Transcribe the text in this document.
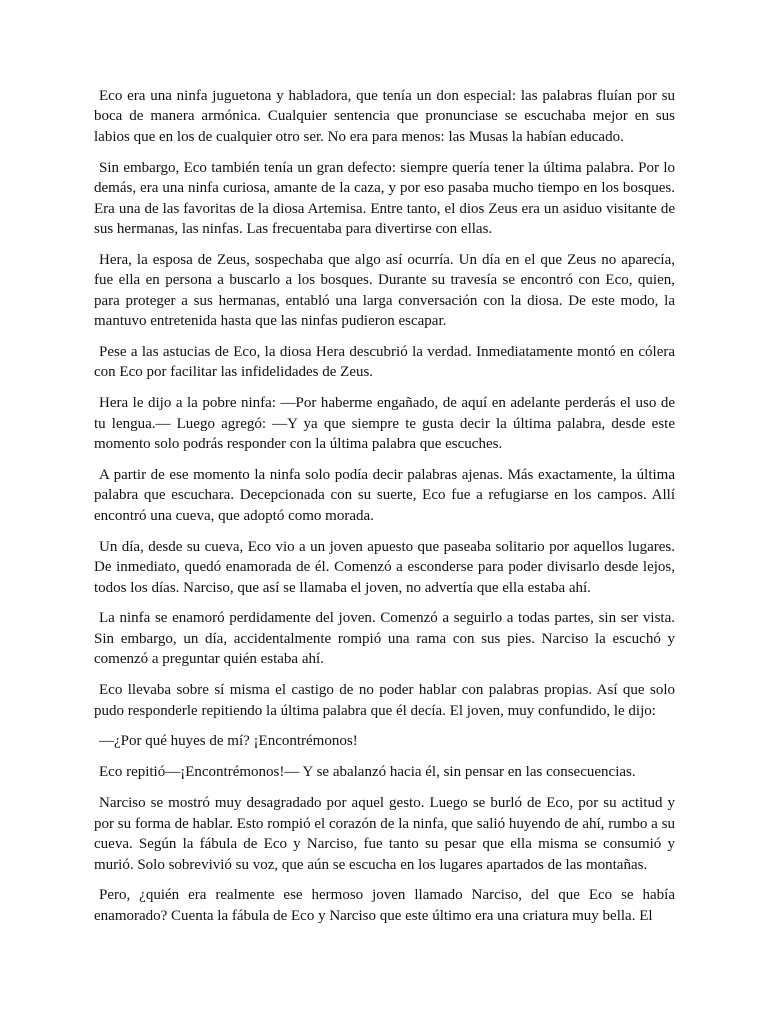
Eco era una ninfa juguetona y habladora, que tenía un don especial: las palabras fluían por su boca de manera armónica. Cualquier sentencia que pronunciase se escuchaba mejor en sus labios que en los de cualquier otro ser. No era para menos: las Musas la habían educado.

Sin embargo, Eco también tenía un gran defecto: siempre quería tener la última palabra. Por lo demás, era una ninfa curiosa, amante de la caza, y por eso pasaba mucho tiempo en los bosques. Era una de las favoritas de la diosa Artemisa. Entre tanto, el dios Zeus era un asiduo visitante de sus hermanas, las ninfas. Las frecuentaba para divertirse con ellas.

Hera, la esposa de Zeus, sospechaba que algo así ocurría. Un día en el que Zeus no aparecía, fue ella en persona a buscarlo a los bosques. Durante su travesía se encontró con Eco, quien, para proteger a sus hermanas, entabló una larga conversación con la diosa. De este modo, la mantuvo entretenida hasta que las ninfas pudieron escapar.

Pese a las astucias de Eco, la diosa Hera descubrió la verdad. Inmediatamente montó en cólera con Eco por facilitar las infidelidades de Zeus.

Hera le dijo a la pobre ninfa: —Por haberme engañado, de aquí en adelante perderás el uso de tu lengua.— Luego agregó: —Y ya que siempre te gusta decir la última palabra, desde este momento solo podrás responder con la última palabra que escuches.

A partir de ese momento la ninfa solo podía decir palabras ajenas. Más exactamente, la última palabra que escuchara. Decepcionada con su suerte, Eco fue a refugiarse en los campos. Allí encontró una cueva, que adoptó como morada.

Un día, desde su cueva, Eco vio a un joven apuesto que paseaba solitario por aquellos lugares. De inmediato, quedó enamorada de él. Comenzó a esconderse para poder divisarlo desde lejos, todos los días. Narciso, que así se llamaba el joven, no advertía que ella estaba ahí.

La ninfa se enamoró perdidamente del joven. Comenzó a seguirlo a todas partes, sin ser vista. Sin embargo, un día, accidentalmente rompió una rama con sus pies. Narciso la escuchó y comenzó a preguntar quién estaba ahí.

Eco llevaba sobre sí misma el castigo de no poder hablar con palabras propias. Así que solo pudo responderle repitiendo la última palabra que él decía. El joven, muy confundido, le dijo:

—¿Por qué huyes de mí? ¡Encontrémonos!

Eco repitió—¡Encontrémonos!— Y se abalanzó hacia él, sin pensar en las consecuencias.

Narciso se mostró muy desagradado por aquel gesto. Luego se burló de Eco, por su actitud y por su forma de hablar. Esto rompió el corazón de la ninfa, que salió huyendo de ahí, rumbo a su cueva. Según la fábula de Eco y Narciso, fue tanto su pesar que ella misma se consumió y murió. Solo sobrevivió su voz, que aún se escucha en los lugares apartados de las montañas.

Pero, ¿quién era realmente ese hermoso joven llamado Narciso, del que Eco se había enamorado? Cuenta la fábula de Eco y Narciso que este último era una criatura muy bella. El
